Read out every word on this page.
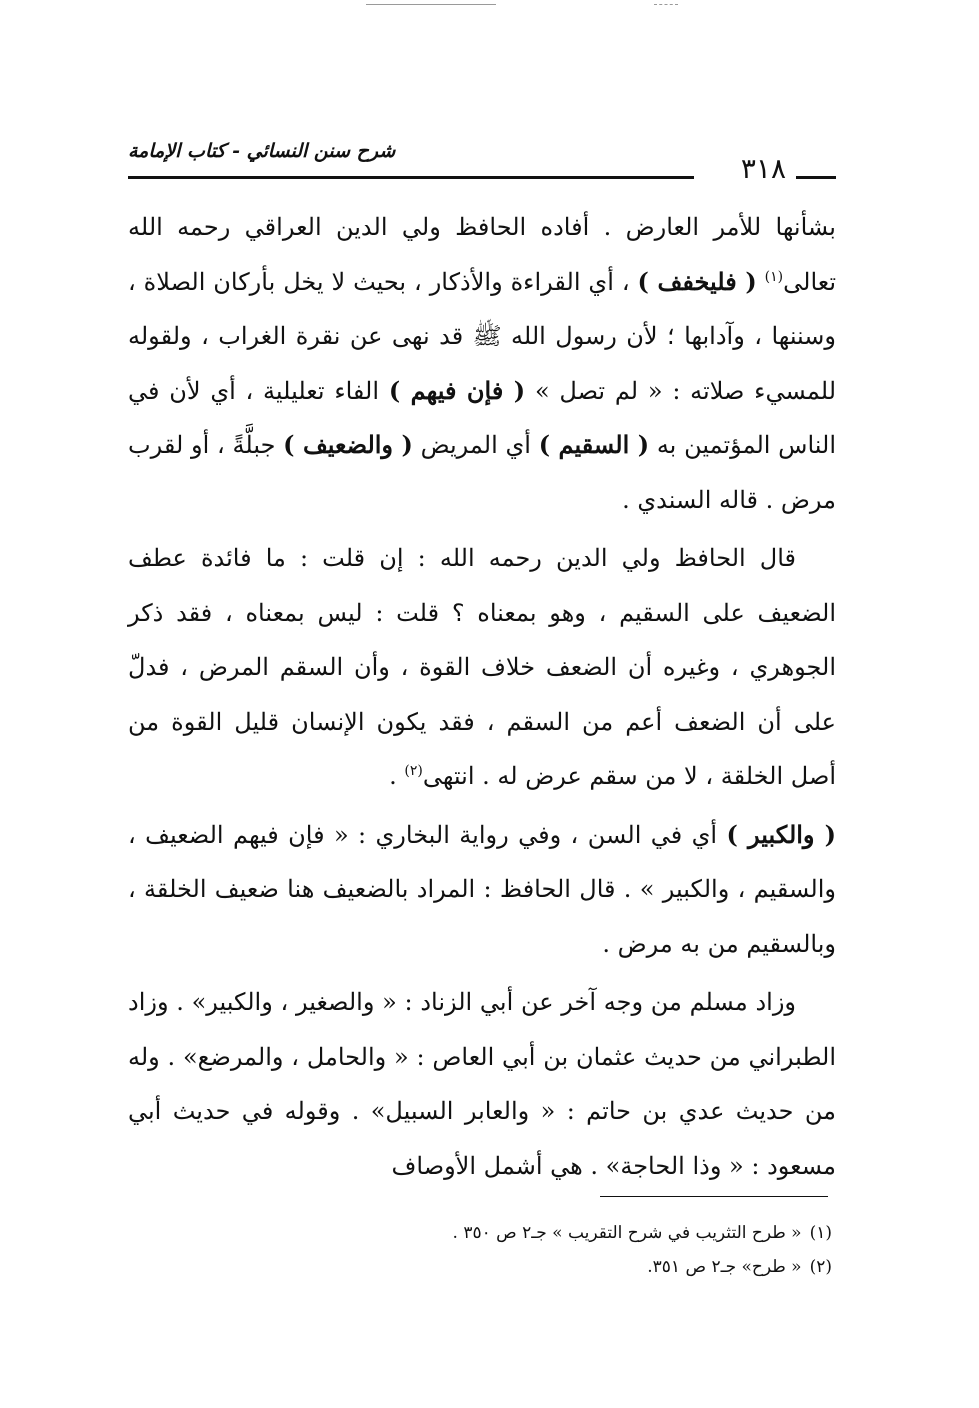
شرح سنن النسائي - كتاب الإمامة
٣١٨

بشأنها للأمر العارض . أفاده الحافظ ولي الدين العراقي رحمه الله تعالى$^{(١)}$ ( فليخفف ) ، أي القراءة والأذكار ، بحيث لا يخل بأركان الصلاة ، وسننها ، وآدابها ؛ لأن رسول الله ﷺ قد نهى عن نقرة الغراب ، ولقوله للمسيء صلاته : « لم تصل » ( فإن فيهم ) الفاء تعليلية ، أي لأن في الناس المؤتمين به ( السقيم ) أي المريض ( والضعيف ) جبلَّةً ، أو لقرب مرض . قاله السندي .

قال الحافظ ولي الدين رحمه الله : إن قلت : ما فائدة عطف الضعيف على السقيم ، وهو بمعناه ؟ قلت : ليس بمعناه ، فقد ذكر الجوهري ، وغيره أن الضعف خلاف القوة ، وأن السقم المرض ، فدلّ على أن الضعف أعم من السقم ، فقد يكون الإنسان قليل القوة من أصل الخلقة ، لا من سقم عرض له . انتهى$^{(٢)}$ .

( والكبير ) أي في السن ، وفي رواية البخاري : « فإن فيهم الضعيف ، والسقيم ، والكبير » . قال الحافظ : المراد بالضعيف هنا ضعيف الخلقة ، وبالسقيم من به مرض .

وزاد مسلم من وجه آخر عن أبي الزناد : « والصغير ، والكبير» . وزاد الطبراني من حديث عثمان بن أبي العاص : « والحامل ، والمرضع» . وله من حديث عدي بن حاتم : « والعابر السبيل» . وقوله في حديث أبي مسعود : « وذا الحاجة» . هي أشمل الأوصاف

(١)« طرح التثريب في شرح التقريب » جـ٢ ص ٣٥٠ .
(٢)« طرح» جـ٢ ص ٣٥١.
